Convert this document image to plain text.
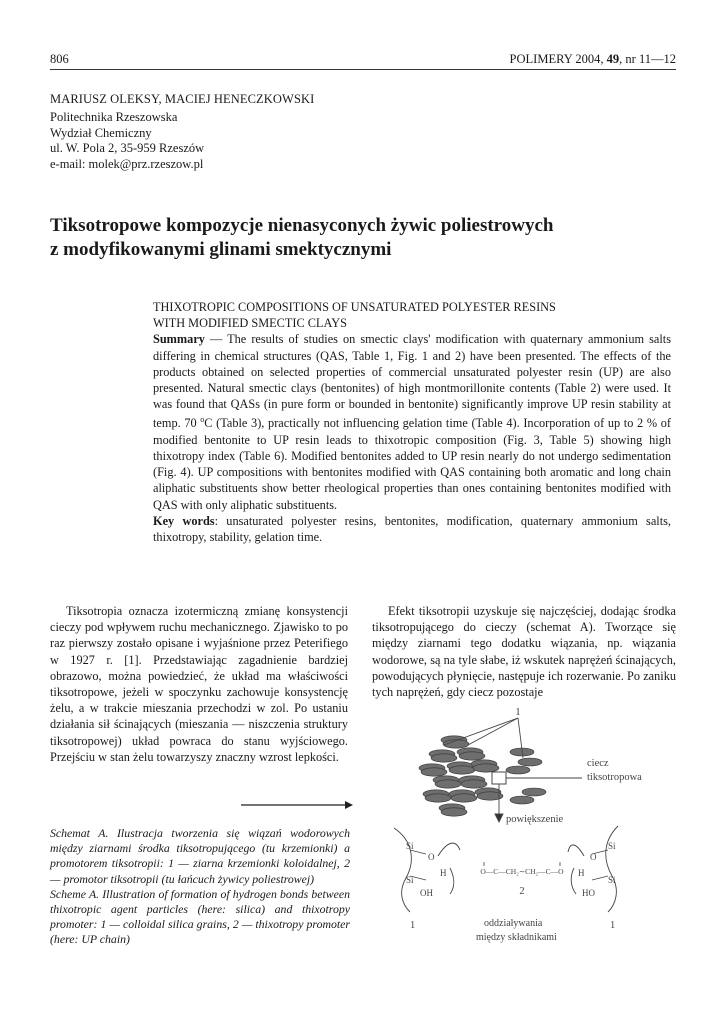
806	POLIMERY 2004, 49, nr 11—12
MARIUSZ OLEKSY, MACIEJ HENECZKOWSKI
Politechnika Rzeszowska
Wydział Chemiczny
ul. W. Pola 2, 35-959 Rzeszów
e-mail: molek@prz.rzeszow.pl
Tiksotropowe kompozycje nienasyconych żywic poliestrowych
z modyfikowanymi glinami smektycznymi
THIXOTROPIC COMPOSITIONS OF UNSATURATED POLYESTER RESINS
WITH MODIFIED SMECTIC CLAYS
Summary — The results of studies on smectic clays' modification with quaternary ammonium salts differing in chemical structures (QAS, Table 1, Fig. 1 and 2) have been presented. The effects of the products obtained on selected properties of commercial unsaturated polyester resin (UP) are also presented. Natural smectic clays (bentonites) of high montmorillonite contents (Table 2) were used. It was found that QASs (in pure form or bounded in bentonite) significantly improve UP resin stability at temp. 70 $^o$C (Table 3), practically not influencing gelation time (Table 4). Incorporation of up to 2 % of modified bentonite to UP resin leads to thixotropic composition (Fig. 3, Table 5) showing high thixotropy index (Table 6). Modified bentonites added to UP resin nearly do not undergo sedimentation (Fig. 4). UP compositions with bentonites modified with QAS containing both aromatic and long chain aliphatic substituents show better rheological properties than ones containing bentonites modified with QAS with only aliphatic substituents.
Key words: unsaturated polyester resins, bentonites, modification, quaternary ammonium salts, thixotropy, stability, gelation time.
Tiksotropia oznacza izotermiczną zmianę konsystencji cieczy pod wpływem ruchu mechanicznego. Zjawisko to po raz pierwszy zostało opisane i wyjaśnione przez Peterifiego w 1927 r. [1]. Przedstawiając zagadnienie bardziej obrazowo, można powiedzieć, że układ ma właściwości tiksotropowe, jeżeli w spoczynku zachowuje konsystencję żelu, a w trakcie mieszania przechodzi w zol. Po ustaniu działania sił ścinających (mieszania — niszczenia struktury tiksotropowej) układ powraca do stanu wyjściowego. Przejściu w stan żelu towarzyszy znaczny wzrost lepkości.
Efekt tiksotropii uzyskuje się najczęściej, dodając środka tiksotropującego do cieczy (schemat A). Tworzące się między ziarnami tego dodatku wiązania, np. wiązania wodorowe, są na tyle słabe, iż wskutek naprężeń ścinających, powodujących płynięcie, następuje ich rozerwanie. Po zaniku tych naprężeń, gdy ciecz pozostaje
Schemat A. Ilustracja tworzenia się wiązań wodorowych między ziarnami środka tiksotropującego (tu krzemionki) a promotorem tiksotropii: 1 — ziarna krzemionki koloidalnej, 2 — promotor tiksotropii (tu łańcuch żywicy poliestrowej)
Scheme A. Illustration of formation of hydrogen bonds between thixotropic agent particles (here: silica) and thixotropy promoter: 1 — colloidal silica grains, 2 — thixotropy promoter (here: UP chain)
1
ciecz
tiksotropowa
powiększenie
Si
Si
OH
O
H	O—C—CH₂∼CH₂—C—O
2
Si
Si
HO
O
H
1	1
oddziaływania
między składnikami
